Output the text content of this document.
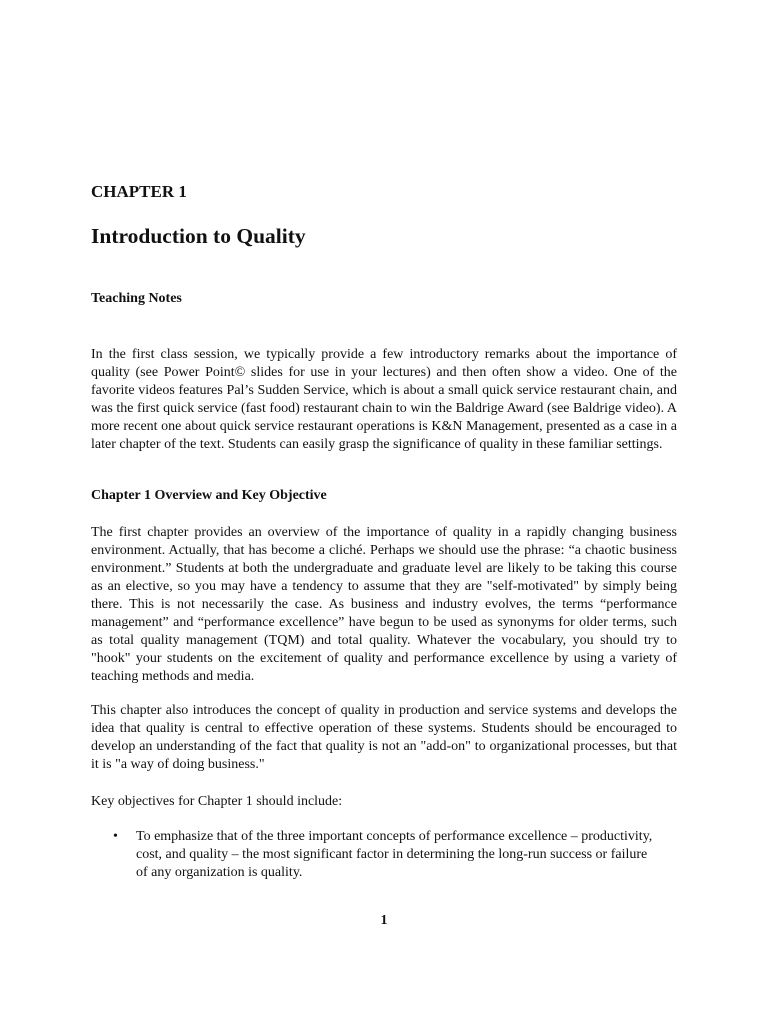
CHAPTER 1
Introduction to Quality
Teaching Notes

In the first class session, we typically provide a few introductory remarks about the importance of quality (see Power Point© slides for use in your lectures) and then often show a video. One of the favorite videos features Pal’s Sudden Service, which is about a small quick service restaurant chain, and was the first quick service (fast food) restaurant chain to win the Baldrige Award (see Baldrige video). A more recent one about quick service restaurant operations is K&N Management, presented as a case in a later chapter of the text. Students can easily grasp the significance of quality in these familiar settings.

Chapter 1 Overview and Key Objective

The first chapter provides an overview of the importance of quality in a rapidly changing business environment. Actually, that has become a cliché. Perhaps we should use the phrase: “a chaotic business environment.” Students at both the undergraduate and graduate level are likely to be taking this course as an elective, so you may have a tendency to assume that they are "self-motivated" by simply being there. This is not necessarily the case. As business and industry evolves, the terms “performance management” and “performance excellence” have begun to be used as synonyms for older terms, such as total quality management (TQM) and total quality. Whatever the vocabulary, you should try to "hook" your students on the excitement of quality and performance excellence by using a variety of teaching methods and media.

This chapter also introduces the concept of quality in production and service systems and develops the idea that quality is central to effective operation of these systems. Students should be encouraged to develop an understanding of the fact that quality is not an "add-on" to organizational processes, but that it is "a way of doing business."

Key objectives for Chapter 1 should include:

• To emphasize that of the three important concepts of performance excellence – productivity, cost, and quality – the most significant factor in determining the long-run success or failure of any organization is quality.

1
